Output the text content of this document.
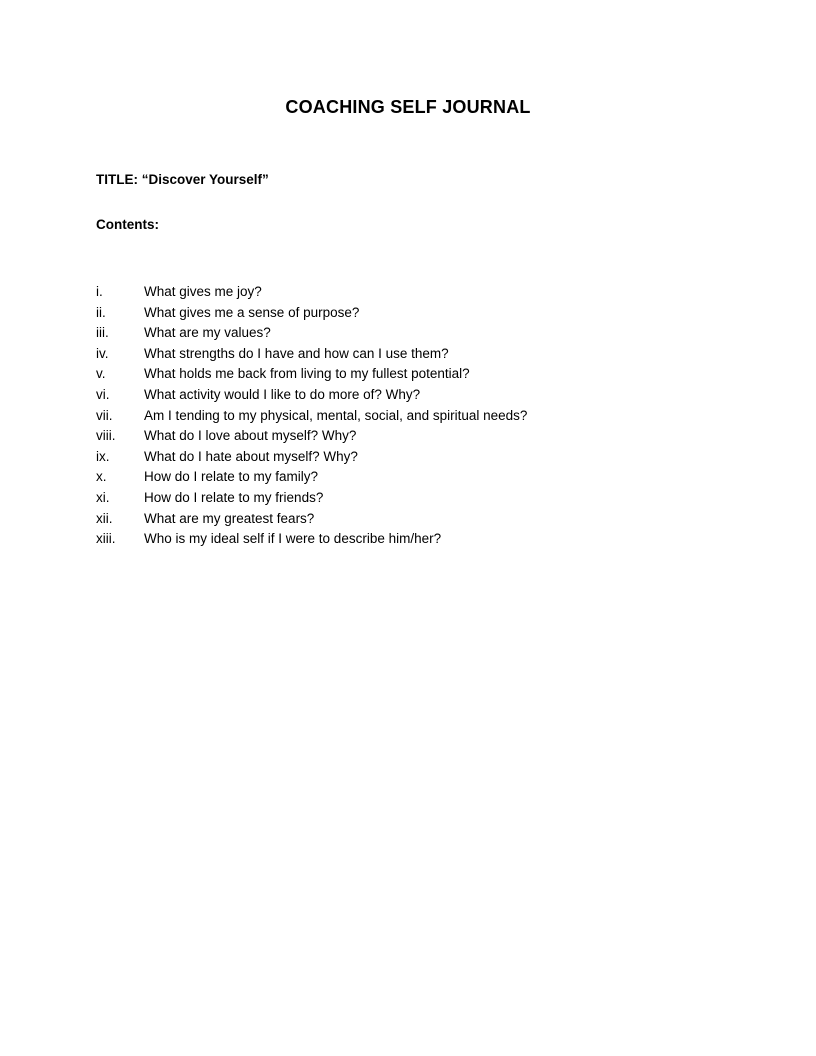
COACHING SELF JOURNAL

TITLE: “Discover Yourself”

Contents:

i.	What gives me joy?
ii.	What gives me a sense of purpose?
iii.	What are my values?
iv.	What strengths do I have and how can I use them?
v.	What holds me back from living to my fullest potential?
vi.	What activity would I like to do more of? Why?
vii. Am I tending to my physical, mental, social, and spiritual needs?
viii. What do I love about myself? Why?
ix.	What do I hate about myself? Why?
x.	How do I relate to my family?
xi.	How do I relate to my friends?
xii. What are my greatest fears?
xiii. Who is my ideal self if I were to describe him/her?
